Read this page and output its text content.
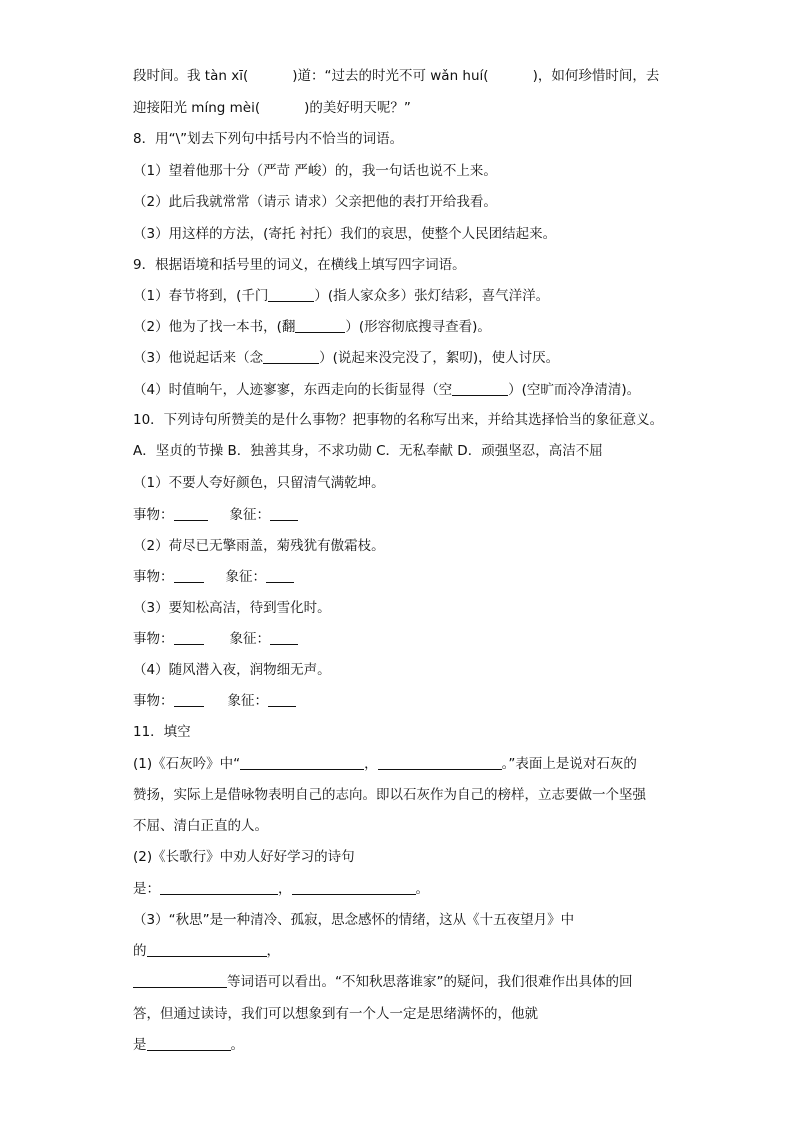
段时间。我 tàn xī(	)道：“过去的时光不可 wǎn huí(	)，如何珍惜时间，去
迎接阳光 míng mèi(	)的美好明天呢？”
8．用“\”划去下列句中括号内不恰当的词语。
（1）望着他那十分（严苛 严峻）的，我一句话也说不上来。
（2）此后我就常常（请示 请求）父亲把他的表打开给我看。
（3）用这样的方法，(寄托 衬托）我们的哀思，使整个人民团结起来。
9．根据语境和括号里的词义，在横线上填写四字词语。
（1）春节将到，(千门	）(指人家众多）张灯结彩，喜气洋洋。
（2）他为了找一本书，(翻	）(形容彻底搜寻查看)。
（3）他说起话来（念	）(说起来没完没了，絮叨)，使人讨厌。
（4）时值晌午，人迹寥寥，东西走向的长街显得（空	）(空旷而冷净清清)。
10．下列诗句所赞美的是什么事物？把事物的名称写出来，并给其选择恰当的象征意义。
A．坚贞的节操 B．独善其身，不求功勋 C．无私奉献 D．顽强坚忍，高洁不屈
（1）不要人夸好颜色，只留清气满乾坤。
事物：	象征：
（2）荷尽已无擎雨盖，菊残犹有傲霜枝。
事物：	象征：
（3）要知松高洁，待到雪化时。
事物：	象征：
（4）随风潜入夜，润物细无声。
事物：	象征：
11．填空
(1)《石灰吟》中“	，	。”表面上是说对石灰的
赞扬，实际上是借咏物表明自己的志向。即以石灰作为自己的榜样，立志要做一个坚强
不屈、清白正直的人。
(2)《长歌行》中劝人好好学习的诗句
是：	，	。
（3）“秋思”是一种清冷、孤寂，思念感怀的情绪，这从《十五夜望月》中
的	，
等词语可以看出。“不知秋思落谁家”的疑问，我们很难作出具体的回
答，但通过读诗，我们可以想象到有一个人一定是思绪满怀的，他就
是	。
